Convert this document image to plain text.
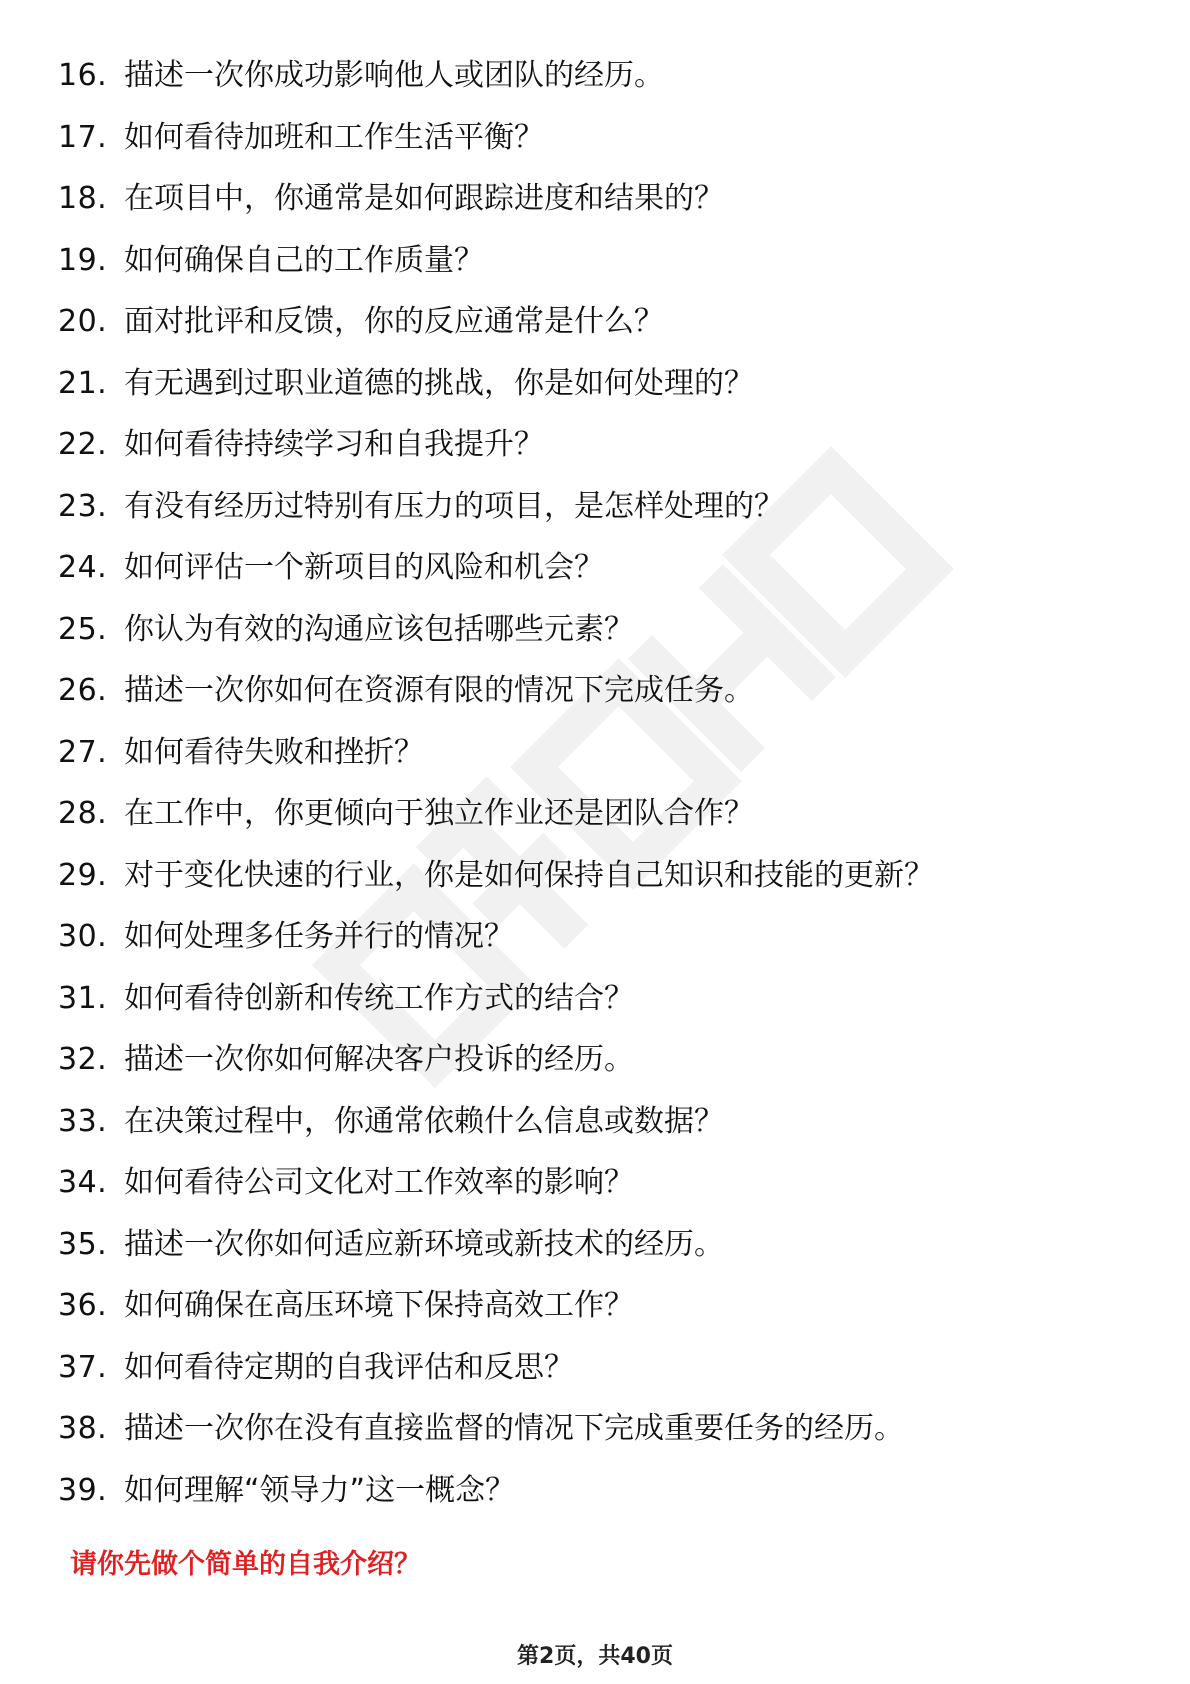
16. 描述一次你成功影响他人或团队的经历。
17. 如何看待加班和工作生活平衡？
18. 在项目中，你通常是如何跟踪进度和结果的？
19. 如何确保自己的工作质量？
20. 面对批评和反馈，你的反应通常是什么？
21. 有无遇到过职业道德的挑战，你是如何处理的？
22. 如何看待持续学习和自我提升？
23. 有没有经历过特别有压力的项目，是怎样处理的？
24. 如何评估一个新项目的风险和机会？
25. 你认为有效的沟通应该包括哪些元素？
26. 描述一次你如何在资源有限的情况下完成任务。
27. 如何看待失败和挫折？
28. 在工作中，你更倾向于独立作业还是团队合作？
29. 对于变化快速的行业，你是如何保持自己知识和技能的更新？
30. 如何处理多任务并行的情况？
31. 如何看待创新和传统工作方式的结合？
32. 描述一次你如何解决客户投诉的经历。
33. 在决策过程中，你通常依赖什么信息或数据？
34. 如何看待公司文化对工作效率的影响？
35. 描述一次你如何适应新环境或新技术的经历。
36. 如何确保在高压环境下保持高效工作？
37. 如何看待定期的自我评估和反思？
38. 描述一次你在没有直接监督的情况下完成重要任务的经历。
39. 如何理解“领导力”这一概念？
请你先做个简单的自我介绍？
第2页，共40页
